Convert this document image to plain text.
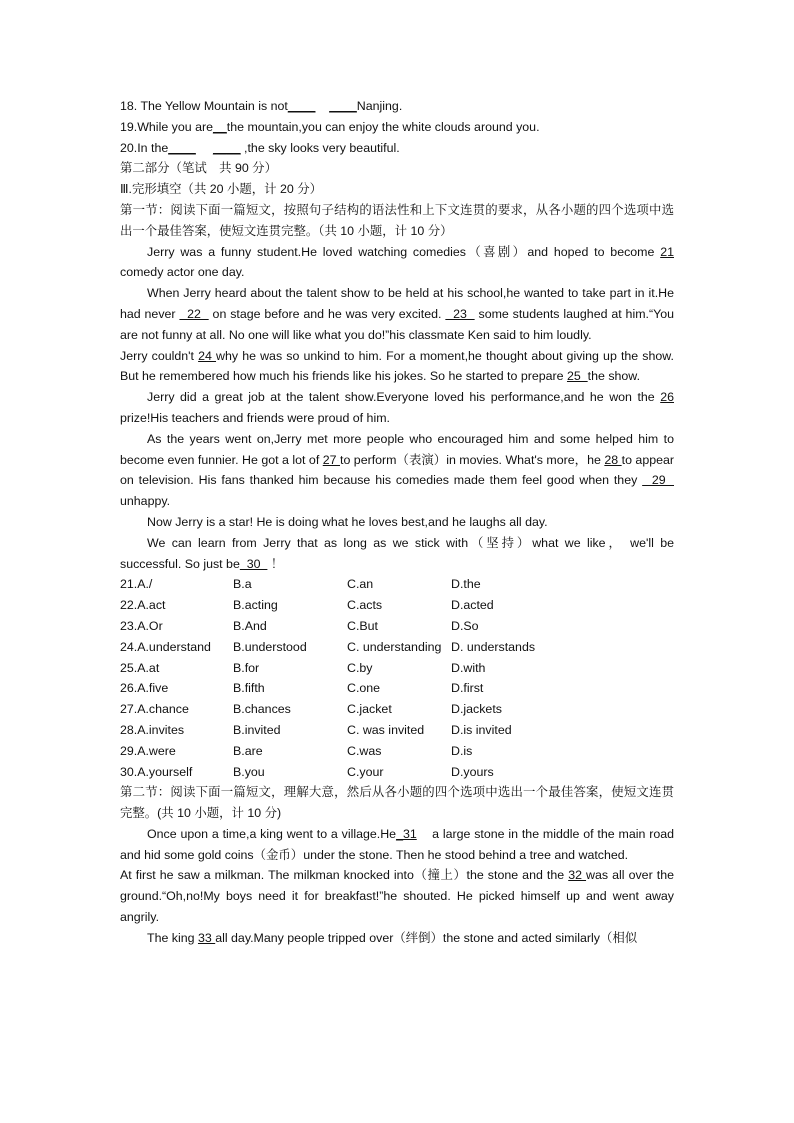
18. The Yellow Mountain is not____ ____Nanjing.
19.While you are__the mountain,you can enjoy the white clouds around you.
20.In the____ ____ ,the sky looks very beautiful.
第二部分（笔试　共 90 分）
Ⅲ.完形填空（共 20 小题，计 20 分）
第一节：阅读下面一篇短文，按照句子结构的语法性和上下文连贯的要求，从各小题的四个选项中选出一个最佳答案，使短文连贯完整。（共 10 小题，计 10 分）
Jerry was a funny student.He loved watching comedies（喜剧）and hoped to become 21 comedy actor one day.
When Jerry heard about the talent show to be held at his school,he wanted to take part in it.He had never   22   on stage before and he was very excited.   23   some students laughed at him.“You are not funny at all. No one will like what you do!”his classmate Ken said to him loudly.
Jerry couldn't 24 why he was so unkind to him. For a moment,he thought about giving up the show. But he remembered how much his friends like his jokes. So he started to prepare 25  the show.
Jerry did a great job at the talent show.Everyone loved his performance,and he won the 26 prize!His teachers and friends were proud of him.
As the years went on,Jerry met more people who encouraged him and some helped him to become even funnier. He got a lot of 27 to perform（表演）in movies. What's more，he 28 to appear on television. His fans thanked him because his comedies made them feel good when they   29   unhappy.
Now Jerry is a star! He is doing what he loves best,and he laughs all day.
We can learn from Jerry that as long as we stick with（坚持）what we like， we'll be successful. So just be  30   ！
21.A./	B.a	C.an	D.the
22.A.act	B.acting	C.acts	D.acted
23.A.Or	B.And	C.But	D.So
24.A.understand	B.understood	C. understanding D. understands
25.A.at	B.for	C.by	D.with
26.A.five	B.fifth	C.one	D.first
27.A.chance	B.chances	C.jacket	D.jackets
28.A.invites	B.invited	C. was invited	D.is invited
29.A.were	B.are	C.was	D.is
30.A.yourself	B.you	C.your	D.yours
第二节：阅读下面一篇短文，理解大意，然后从各小题的四个选项中选出一个最佳答案，使短文连贯完整。(共 10 小题，计 10 分)
Once upon a time,a king went to a village.He_31    a large stone in the middle of the main road and hid some gold coins（金币）under the stone. Then he stood behind a tree and watched.
At first he saw a milkman. The milkman knocked into（撞上）the stone and the 32 was all over the ground.“Oh,no!My boys need it for breakfast!”he shouted. He picked himself up and went away angrily.
The king 33 all day.Many people tripped over（绊倒）the stone and acted similarly（相似
